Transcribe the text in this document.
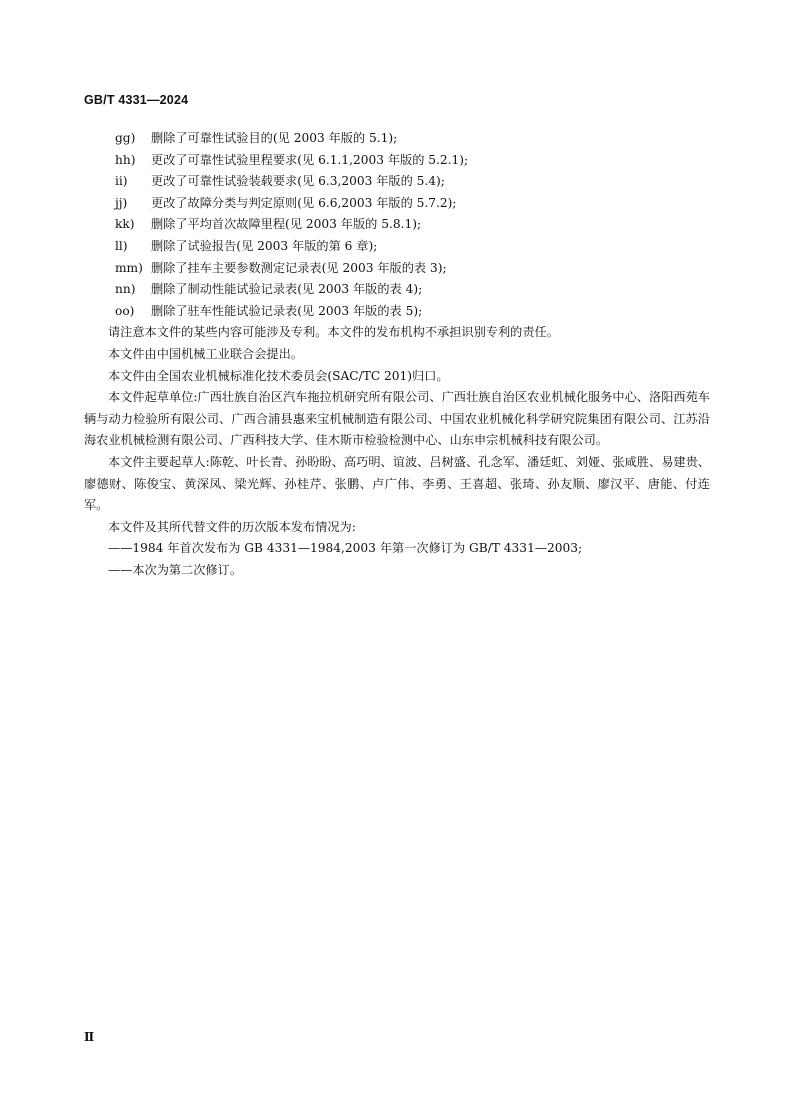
GB/T 4331—2024
gg) 删除了可靠性试验目的(见 2003 年版的 5.1);
hh) 更改了可靠性试验里程要求(见 6.1.1,2003 年版的 5.2.1);
ii) 更改了可靠性试验装载要求(见 6.3,2003 年版的 5.4);
jj) 更改了故障分类与判定原则(见 6.6,2003 年版的 5.7.2);
kk) 删除了平均首次故障里程(见 2003 年版的 5.8.1);
ll) 删除了试验报告(见 2003 年版的第 6 章);
mm) 删除了挂车主要参数测定记录表(见 2003 年版的表 3);
nn) 删除了制动性能试验记录表(见 2003 年版的表 4);
oo) 删除了驻车性能试验记录表(见 2003 年版的表 5);
请注意本文件的某些内容可能涉及专利。本文件的发布机构不承担识别专利的责任。
本文件由中国机械工业联合会提出。
本文件由全国农业机械标准化技术委员会(SAC/TC 201)归口。
本文件起草单位:广西壮族自治区汽车拖拉机研究所有限公司、广西壮族自治区农业机械化服务中心、洛阳西苑车辆与动力检验所有限公司、广西合浦县惠来宝机械制造有限公司、中国农业机械化科学研究院集团有限公司、江苏沿海农业机械检测有限公司、广西科技大学、佳木斯市检验检测中心、山东申宗机械科技有限公司。
本文件主要起草人:陈乾、叶长青、孙盼盼、高巧明、谊波、吕树盛、孔念军、潘廷虹、刘娅、张咸胜、易建贵、廖德财、陈俊宝、黄深凤、梁光辉、孙桂芹、张鹏、卢广伟、李勇、王喜超、张琦、孙友顺、廖汉平、唐能、付连军。
本文件及其所代替文件的历次版本发布情况为:
——1984 年首次发布为 GB 4331—1984,2003 年第一次修订为 GB/T 4331—2003;
——本次为第二次修订。
Ⅱ
